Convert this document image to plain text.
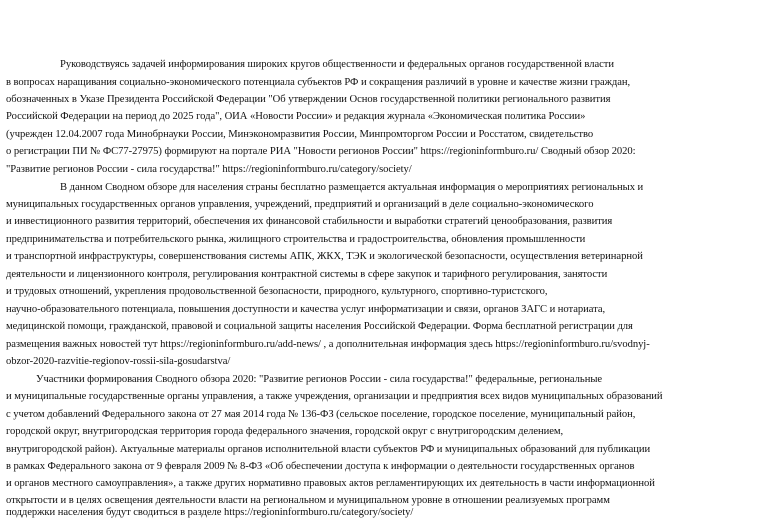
Руководствуясь задачей информирования широких кругов общественности и федеральных органов государственной власти
в вопросах наращивания социально-экономического потенциала субъектов РФ и сокращения различий в уровне и качестве жизни граждан,
обозначенных в Указе Президента Российской Федерации "Об утверждении Основ государственной политики регионального развития
Российской Федерации на период до 2025 года", ОИА «Новости России» и редакция журнала «Экономическая политика России»
(учрежден 12.04.2007 года Минобрнауки России, Минэкономразвития России, Минпромторгом России и Росстатом, свидетельство
о регистрации ПИ № ФС77-27975) формируют на портале РИА "Новости регионов России" https://regioninformburo.ru/ Сводный обзор 2020:
"Развитие регионов России - сила государства!" https://regioninformburo.ru/category/society/
В данном Сводном обзоре для населения страны бесплатно размещается актуальная информация о мероприятиях региональных и
муниципальных государственных органов управления, учреждений, предприятий и организаций в деле социально-экономического
и инвестиционного развития территорий, обеспечения их финансовой стабильности и выработки стратегий ценообразования, развития
предпринимательства и потребительского рынка, жилищного строительства и градостроительства, обновления промышленности
и транспортной инфраструктуры, совершенствования системы АПК, ЖКХ, ТЭК и экологической безопасности, осуществления ветеринарной
деятельности и лицензионного контроля, регулирования контрактной системы в сфере закупок и тарифного регулирования, занятости
и трудовых отношений, укрепления продовольственной безопасности, природного, культурного, спортивно-туристского,
научно-образовательного потенциала, повышения доступности и качества услуг информатизации и связи, органов ЗАГС и нотариата,
медицинской помощи, гражданской, правовой и социальной защиты населения Российской Федерации. Форма бесплатной регистрации для
размещения важных новостей тут https://regioninformburo.ru/add-news/ , а дополнительная информация здесь https://regioninformburo.ru/svodnyj-
obzor-2020-razvitie-regionov-rossii-sila-gosudarstva/
Участники формирования Сводного обзора 2020: "Развитие регионов России - сила государства!" федеральные, региональные
и муниципальные государственные органы управления, а также учреждения, организации и предприятия всех видов муниципальных образований
с учетом добавлений Федерального закона от 27 мая 2014 года № 136-ФЗ (сельское поселение, городское поселение, муниципальный район,
городской округ, внутригородская территория города федерального значения, городской округ с внутригородским делением,
внутригородской район). Актуальные материалы органов исполнительной власти субъектов РФ и муниципальных образований для публикации
в рамках Федерального закона от 9 февраля 2009 № 8-ФЗ «Об обеспечении доступа к информации о деятельности государственных органов
и органов местного самоуправления», а также других нормативно правовых актов регламентирующих их деятельность в части информационной
открытости и в целях освещения деятельности власти на региональном и муниципальном уровне в отношении реализуемых программ
поддержки населения будут сводиться в разделе https://regioninformburo.ru/category/society/
